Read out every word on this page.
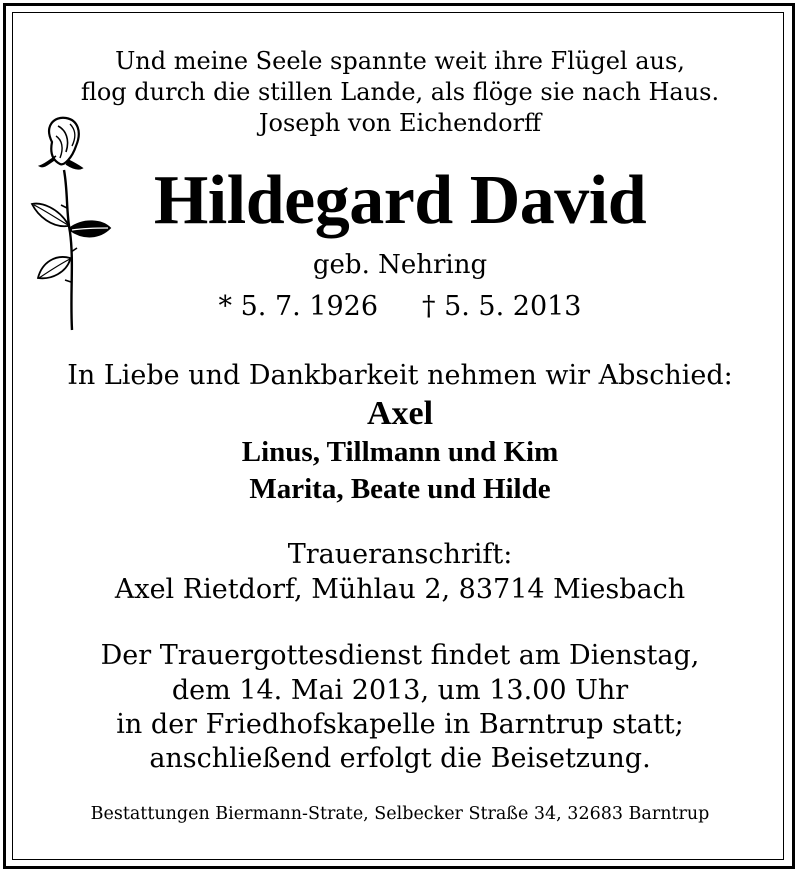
Und meine Seele spannte weit ihre Flügel aus,
flog durch die stillen Lande, als flöge sie nach Haus.
Joseph von Eichendorff
Hildegard David
geb. Nehring
* 5. 7. 1926 † 5. 5. 2013
In Liebe und Dankbarkeit nehmen wir Abschied:
Axel
Linus, Tillmann und Kim
Marita, Beate und Hilde
Traueranschrift:
Axel Rietdorf, Mühlau 2, 83714 Miesbach
Der Trauergottesdienst findet am Dienstag,
dem 14. Mai 2013, um 13.00 Uhr
in der Friedhofskapelle in Barntrup statt;
anschließend erfolgt die Beisetzung.
Bestattungen Biermann-Strate, Selbecker Straße 34, 32683 Barntrup
